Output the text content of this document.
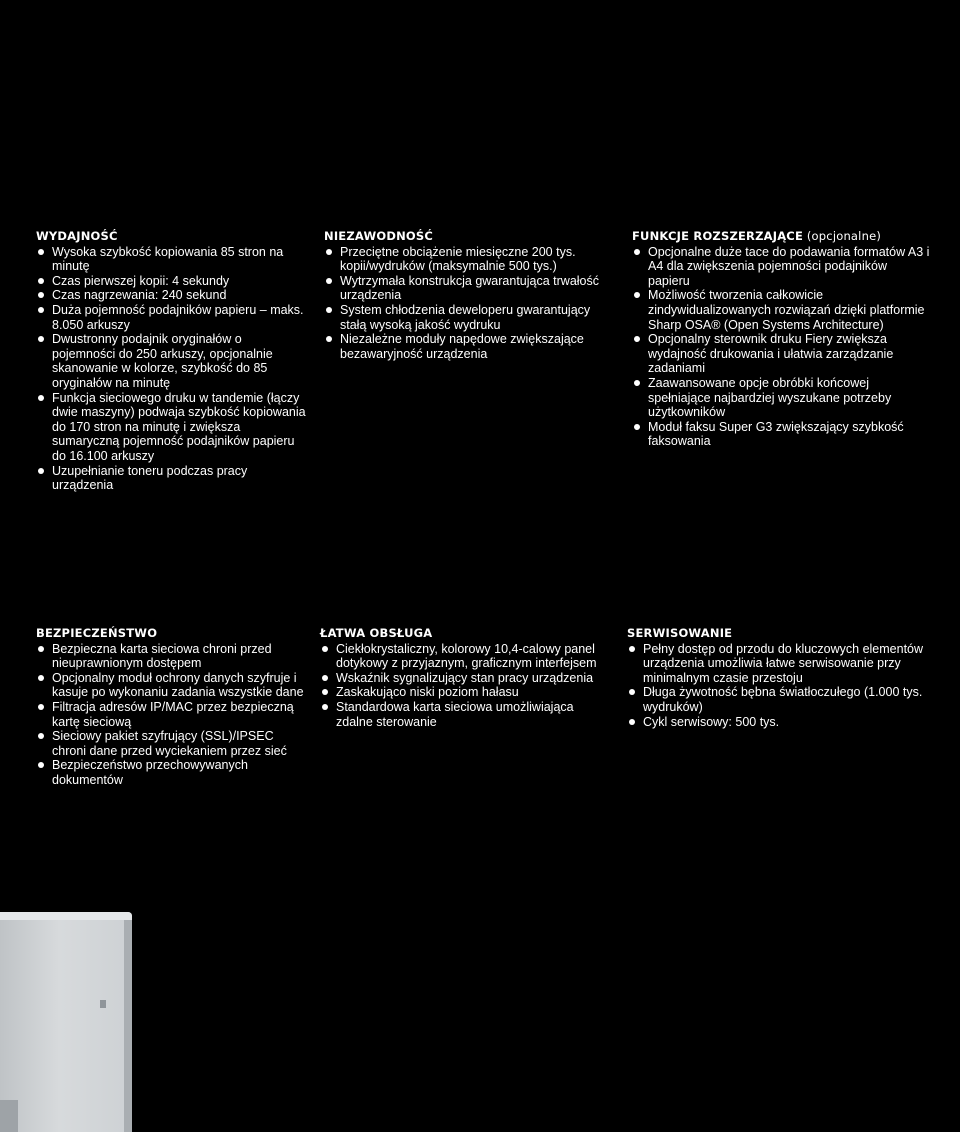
WYDAJNOŚĆ
Wysoka szybkość kopiowania 85 stron na minutę
Czas pierwszej kopii: 4 sekundy
Czas nagrzewania: 240 sekund
Duża pojemność podajników papieru – maks. 8.050 arkuszy
Dwustronny podajnik oryginałów o pojemności do 250 arkuszy, opcjonalnie skanowanie w kolorze, szybkość do 85 oryginałów na minutę
Funkcja sieciowego druku w tandemie (łączy dwie maszyny) podwaja szybkość kopiowania do 170 stron na minutę i zwiększa sumaryczną pojemność podajników papieru do 16.100 arkuszy
Uzupełnianie toneru podczas pracy urządzenia
NIEZAWODNOŚĆ
Przeciętne obciążenie miesięczne 200 tys. kopii/wydruków (maksymalnie 500 tys.)
Wytrzymała konstrukcja gwarantująca trwałość urządzenia
System chłodzenia deweloperu gwarantujący stałą wysoką jakość wydruku
Niezależne moduły napędowe zwiększające bezawaryjność urządzenia
FUNKCJE ROZSZERZAJĄCE (opcjonalne)
Opcjonalne duże tace do podawania formatów A3 i A4 dla zwiększenia pojemności podajników papieru
Możliwość tworzenia całkowicie zindywidualizowanych rozwiązań dzięki platformie Sharp OSA® (Open Systems Architecture)
Opcjonalny sterownik druku Fiery zwiększa wydajność drukowania i ułatwia zarządzanie zadaniami
Zaawansowane opcje obróbki końcowej spełniające najbardziej wyszukane potrzeby użytkowników
Moduł faksu Super G3 zwiększający szybkość faksowania
BEZPIECZEŃSTWO
Bezpieczna karta sieciowa chroni przed nieuprawnionym dostępem
Opcjonalny moduł ochrony danych szyfruje i kasuje po wykonaniu zadania wszystkie dane
Filtracja adresów IP/MAC przez bezpieczną kartę sieciową
Sieciowy pakiet szyfrujący (SSL)/IPSEC chroni dane przed wyciekaniem przez sieć
Bezpieczeństwo przechowywanych dokumentów
ŁATWA OBSŁUGA
Ciekłokrystaliczny, kolorowy 10,4-calowy panel dotykowy z przyjaznym, graficznym interfejsem
Wskaźnik sygnalizujący stan pracy urządzenia
Zaskakująco niski poziom hałasu
Standardowa karta sieciowa umożliwiająca zdalne sterowanie
SERWISOWANIE
Pełny dostęp od przodu do kluczowych elementów urządzenia umożliwia łatwe serwisowanie przy minimalnym czasie przestoju
Długa żywotność bębna światłoczułego (1.000 tys. wydruków)
Cykl serwisowy: 500 tys.
